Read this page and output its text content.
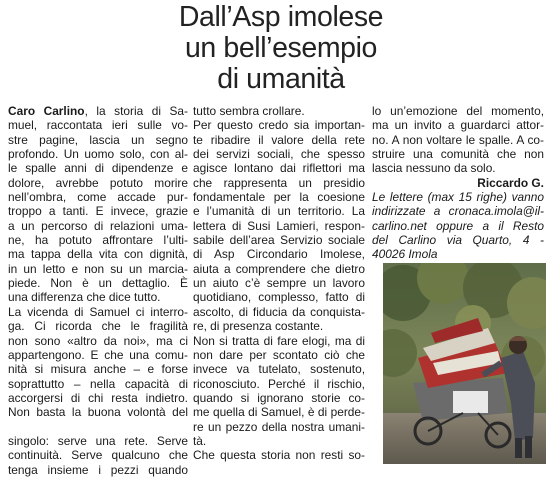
Dall’Asp imolese
un bell’esempio
di umanità
Caro Carlino, la storia di Sa-
muel, raccontata ieri sulle vo-
stre pagine, lascia un segno
profondo. Un uomo solo, con al-
le spalle anni di dipendenze e
dolore, avrebbe potuto morire
nell’ombra, come accade pur-
troppo a tanti. E invece, grazie
a un percorso di relazioni uma-
ne, ha potuto affrontare l’ulti-
ma tappa della vita con dignità,
in un letto e non su un marcia-
piede. Non è un dettaglio. È
una differenza che dice tutto.
La vicenda di Samuel ci interro-
ga. Ci ricorda che le fragilità
non sono «altro da noi», ma ci
appartengono. E che una comu-
nità si misura anche – e forse
soprattutto – nella capacità di
accorgersi di chi resta indietro.
Non basta la buona volontà del

singolo: serve una rete. Serve
continuità. Serve qualcuno che
tenga insieme i pezzi quando
tutto sembra crollare.
Per questo credo sia importan-
te ribadire il valore della rete
dei servizi sociali, che spesso
agisce lontano dai riflettori ma
che rappresenta un presidio
fondamentale per la coesione
e l’umanità di un territorio. La
lettera di Susi Lamieri, respon-
sabile dell’area Servizio sociale
di Asp Circondario Imolese,
aiuta a comprendere che dietro
un aiuto c’è sempre un lavoro
quotidiano, complesso, fatto di
ascolto, di fiducia da conquista-
re, di presenza costante.
Non si tratta di fare elogi, ma di
non dare per scontato ciò che
invece va tutelato, sostenuto,
riconosciuto. Perché il rischio,
quando si ignorano storie co-
me quella di Samuel, è di perde-
re un pezzo della nostra umani-
tà.
Che questa storia non resti so-
lo un’emozione del momento,
ma un invito a guardarci attor-
no. A non voltare le spalle. A co-
struire una comunità che non
lascia nessuno da solo.
Riccardo G.
Le lettere (max 15 righe) vanno
indirizzate a cronaca.imola@il-
carlino.net oppure a il Resto
del Carlino via Quarto, 4 -
40026 Imola
